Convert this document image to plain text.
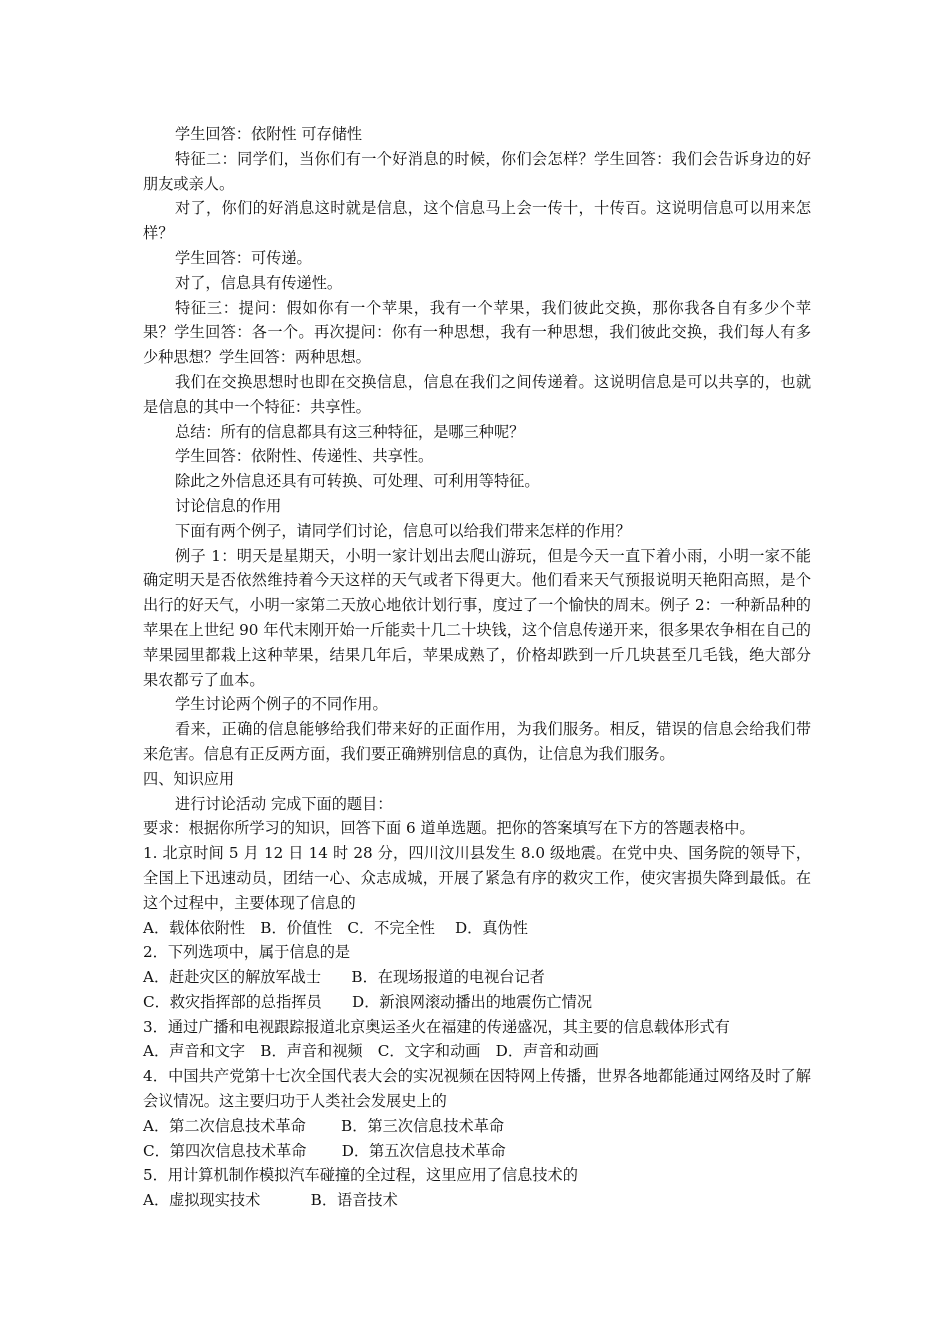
学生回答：依附性 可存储性

特征二：同学们，当你们有一个好消息的时候，你们会怎样？学生回答：我们会告诉身边的好朋友或亲人。

对了，你们的好消息这时就是信息，这个信息马上会一传十，十传百。这说明信息可以用来怎样？

学生回答：可传递。

对了，信息具有传递性。

特征三：提问：假如你有一个苹果，我有一个苹果，我们彼此交换，那你我各自有多少个苹果？学生回答：各一个。再次提问：你有一种思想，我有一种思想，我们彼此交换，我们每人有多少种思想？学生回答：两种思想。

我们在交换思想时也即在交换信息，信息在我们之间传递着。这说明信息是可以共享的，也就是信息的其中一个特征：共享性。

总结：所有的信息都具有这三种特征，是哪三种呢？

学生回答：依附性、传递性、共享性。

除此之外信息还具有可转换、可处理、可利用等特征。

讨论信息的作用

下面有两个例子，请同学们讨论，信息可以给我们带来怎样的作用？

例子 1：明天是星期天，小明一家计划出去爬山游玩，但是今天一直下着小雨，小明一家不能确定明天是否依然维持着今天这样的天气或者下得更大。他们看来天气预报说明天艳阳高照，是个出行的好天气，小明一家第二天放心地依计划行事，度过了一个愉快的周末。例子 2：一种新品种的苹果在上世纪 90 年代末刚开始一斤能卖十几二十块钱，这个信息传递开来，很多果农争相在自己的苹果园里都栽上这种苹果，结果几年后，苹果成熟了，价格却跌到一斤几块甚至几毛钱，绝大部分果农都亏了血本。

学生讨论两个例子的不同作用。

看来，正确的信息能够给我们带来好的正面作用，为我们服务。相反，错误的信息会给我们带来危害。信息有正反两方面，我们要正确辨别信息的真伪，让信息为我们服务。

四、知识应用

进行讨论活动 完成下面的题目：

要求：根据你所学习的知识，回答下面 6 道单选题。把你的答案填写在下方的答题表格中。

1. 北京时间 5 月 12 日 14 时 28 分，四川汶川县发生 8.0 级地震。在党中央、国务院的领导下，全国上下迅速动员，团结一心、众志成城，开展了紧急有序的救灾工作，使灾害损失降到最低。在这个过程中，主要体现了信息的

A．载体依附性　B．价值性　C．不完全性　 D．真伪性

2．下列选项中，属于信息的是

A．赶赴灾区的解放军战士　　B．在现场报道的电视台记者

C．救灾指挥部的总指挥员　　D．新浪网滚动播出的地震伤亡情况

3．通过广播和电视跟踪报道北京奥运圣火在福建的传递盛况，其主要的信息载体形式有

A．声音和文字　B．声音和视频　C．文字和动画　D．声音和动画

4．中国共产党第十七次全国代表大会的实况视频在因特网上传播，世界各地都能通过网络及时了解会议情况。这主要归功于人类社会发展史上的

A．第二次信息技术革命　　 B．第三次信息技术革命

C．第四次信息技术革命　　 D．第五次信息技术革命

5．用计算机制作模拟汽车碰撞的全过程，这里应用了信息技术的

A．虚拟现实技术　　　 B．语音技术
